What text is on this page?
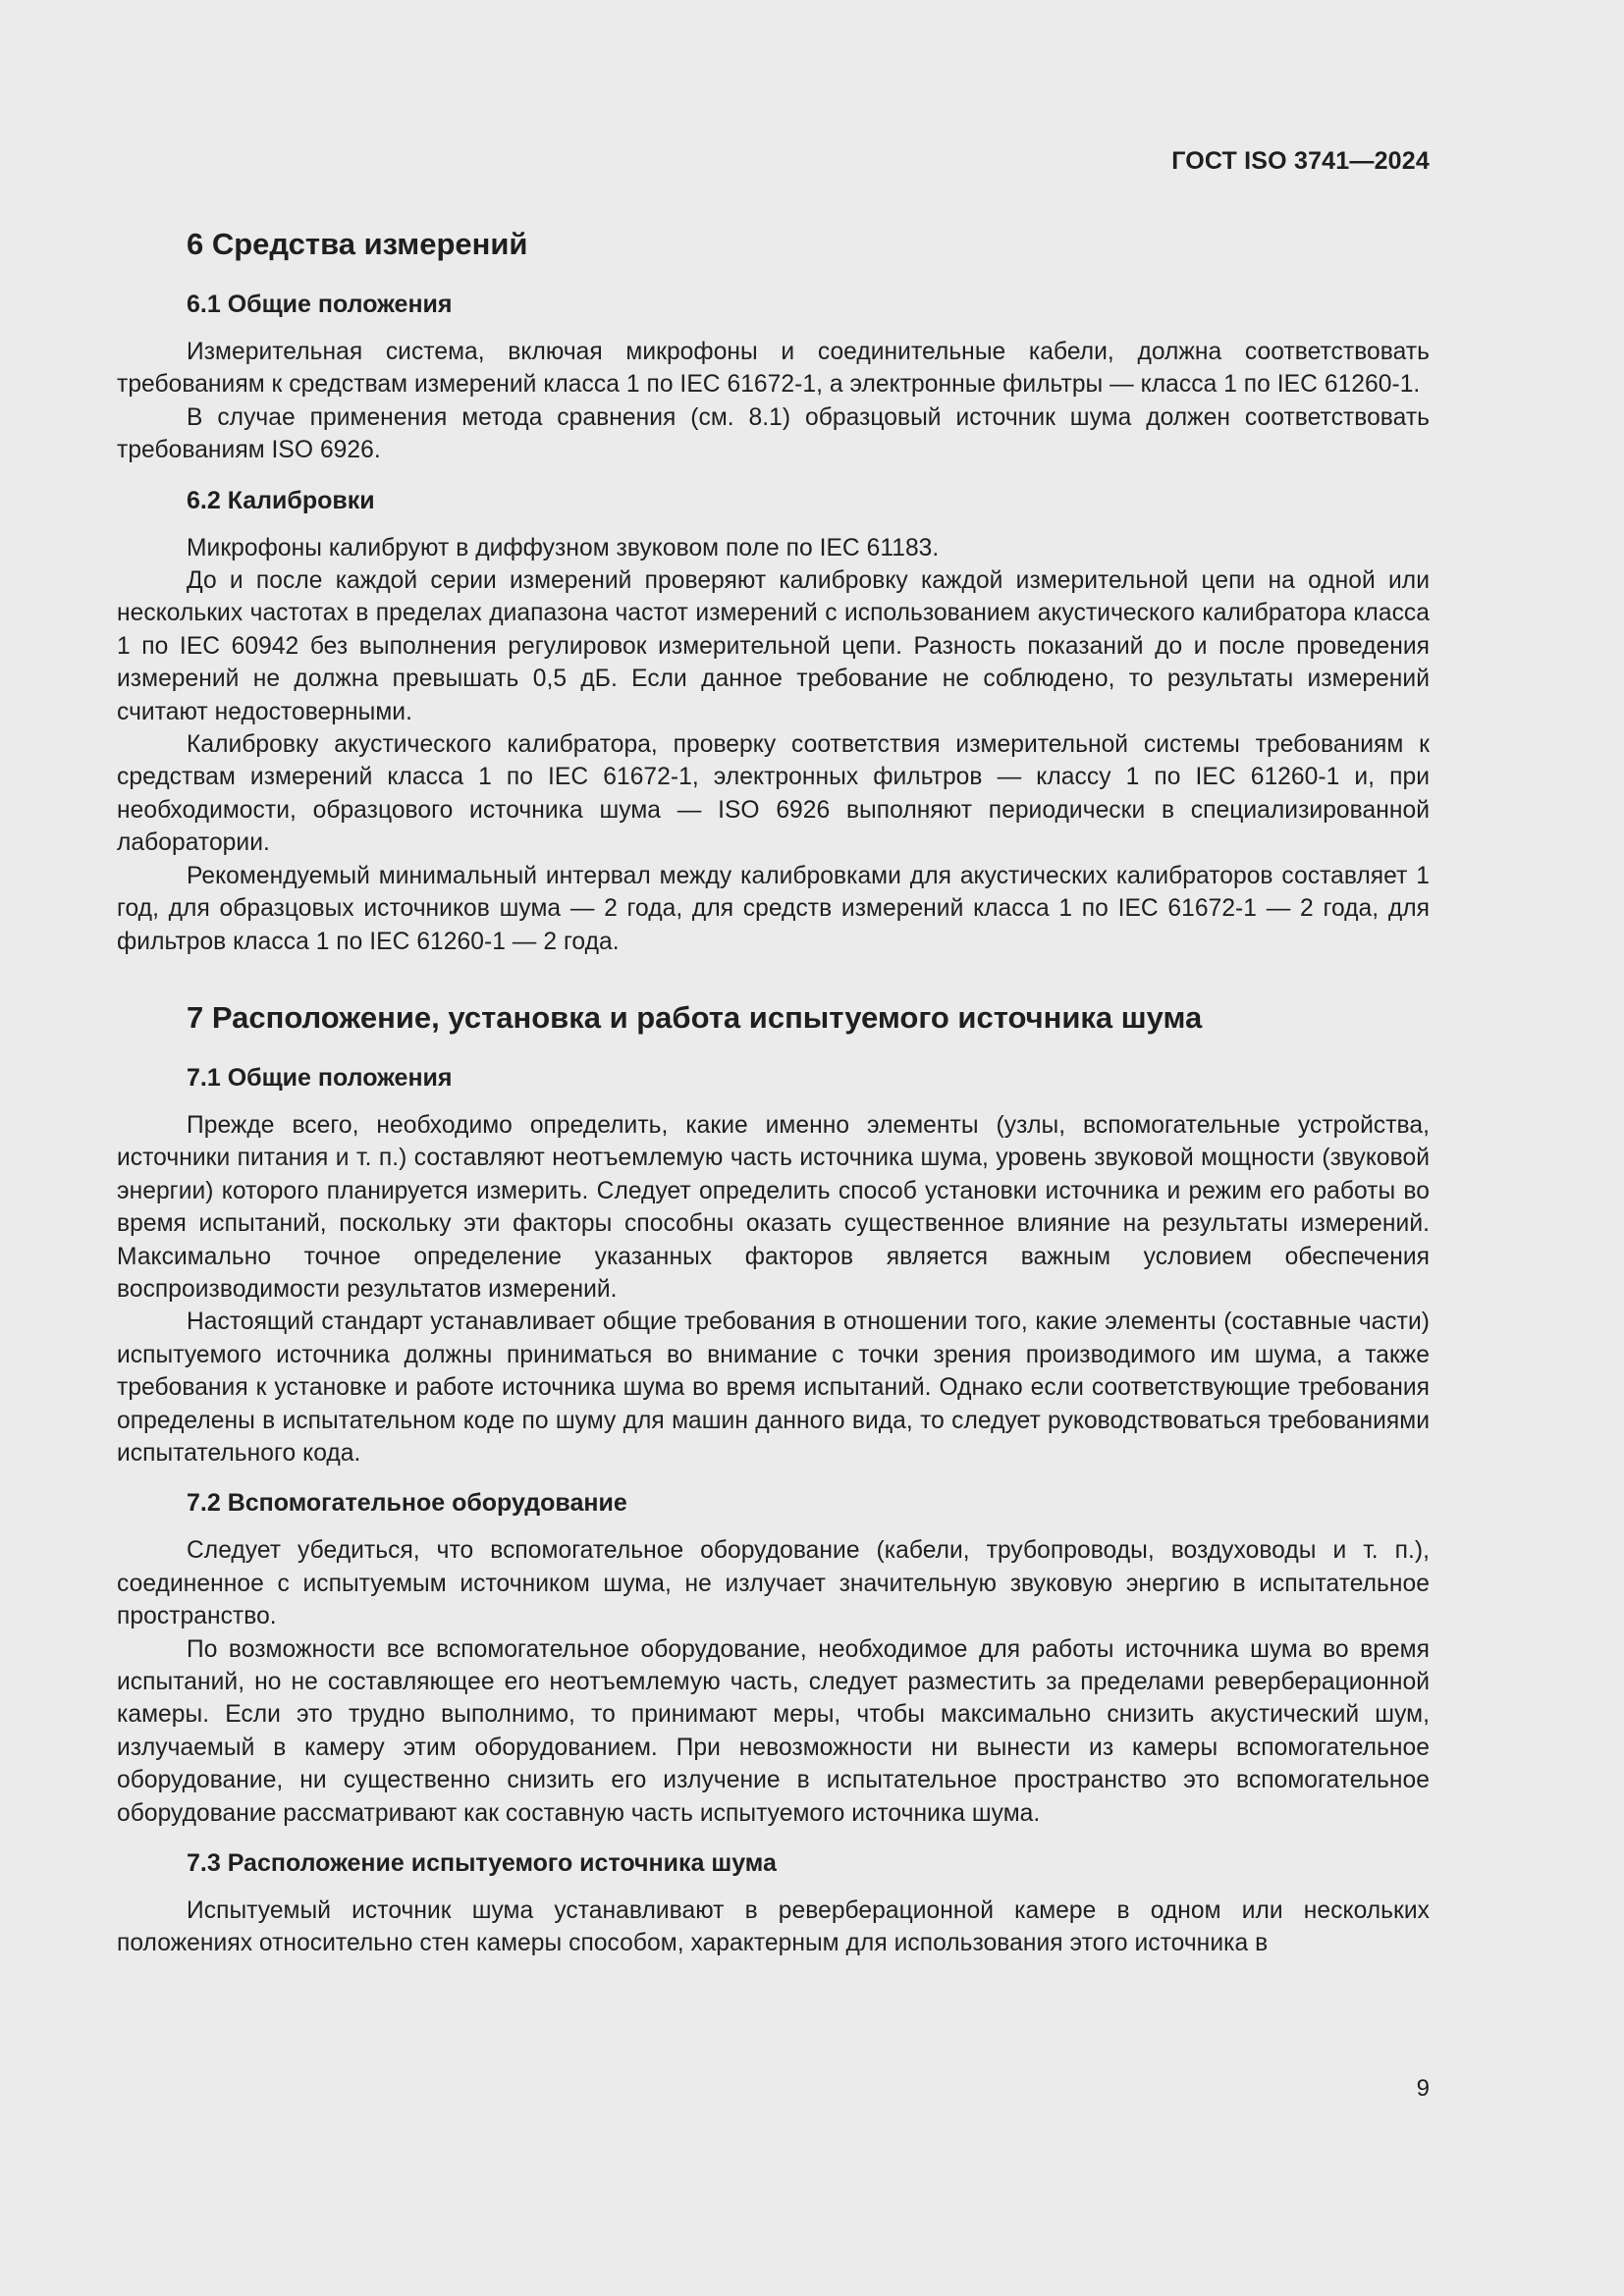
ГОСТ ISO 3741—2024
6 Средства измерений
6.1 Общие положения

Измерительная система, включая микрофоны и соединительные кабели, должна соответствовать требованиям к средствам измерений класса 1 по IEC 61672-1, а электронные фильтры — класса 1 по IEC 61260-1.

В случае применения метода сравнения (см. 8.1) образцовый источник шума должен соответствовать требованиям ISO 6926.

6.2 Калибровки

Микрофоны калибруют в диффузном звуковом поле по IEC 61183.

До и после каждой серии измерений проверяют калибровку каждой измерительной цепи на одной или нескольких частотах в пределах диапазона частот измерений с использованием акустического калибратора класса 1 по IEC 60942 без выполнения регулировок измерительной цепи. Разность показаний до и после проведения измерений не должна превышать 0,5 дБ. Если данное требование не соблюдено, то результаты измерений считают недостоверными.

Калибровку акустического калибратора, проверку соответствия измерительной системы требованиям к средствам измерений класса 1 по IEC 61672-1, электронных фильтров — классу 1 по IEC 61260-1 и, при необходимости, образцового источника шума — ISO 6926 выполняют периодически в специализированной лаборатории.

Рекомендуемый минимальный интервал между калибровками для акустических калибраторов составляет 1 год, для образцовых источников шума — 2 года, для средств измерений класса 1 по IEC 61672-1 — 2 года, для фильтров класса 1 по IEC 61260-1 — 2 года.

7 Расположение, установка и работа испытуемого источника шума
7.1 Общие положения

Прежде всего, необходимо определить, какие именно элементы (узлы, вспомогательные устройства, источники питания и т. п.) составляют неотъемлемую часть источника шума, уровень звуковой мощности (звуковой энергии) которого планируется измерить. Следует определить способ установки источника и режим его работы во время испытаний, поскольку эти факторы способны оказать существенное влияние на результаты измерений. Максимально точное определение указанных факторов является важным условием обеспечения воспроизводимости результатов измерений.

Настоящий стандарт устанавливает общие требования в отношении того, какие элементы (составные части) испытуемого источника должны приниматься во внимание с точки зрения производимого им шума, а также требования к установке и работе источника шума во время испытаний. Однако если соответствующие требования определены в испытательном коде по шуму для машин данного вида, то следует руководствоваться требованиями испытательного кода.

7.2 Вспомогательное оборудование

Следует убедиться, что вспомогательное оборудование (кабели, трубопроводы, воздуховоды и т. п.), соединенное с испытуемым источником шума, не излучает значительную звуковую энергию в испытательное пространство.

По возможности все вспомогательное оборудование, необходимое для работы источника шума во время испытаний, но не составляющее его неотъемлемую часть, следует разместить за пределами реверберационной камеры. Если это трудно выполнимо, то принимают меры, чтобы максимально снизить акустический шум, излучаемый в камеру этим оборудованием. При невозможности ни вынести из камеры вспомогательное оборудование, ни существенно снизить его излучение в испытательное пространство это вспомогательное оборудование рассматривают как составную часть испытуемого источника шума.

7.3 Расположение испытуемого источника шума

Испытуемый источник шума устанавливают в реверберационной камере в одном или нескольких положениях относительно стен камеры способом, характерным для использования этого источника в

9
